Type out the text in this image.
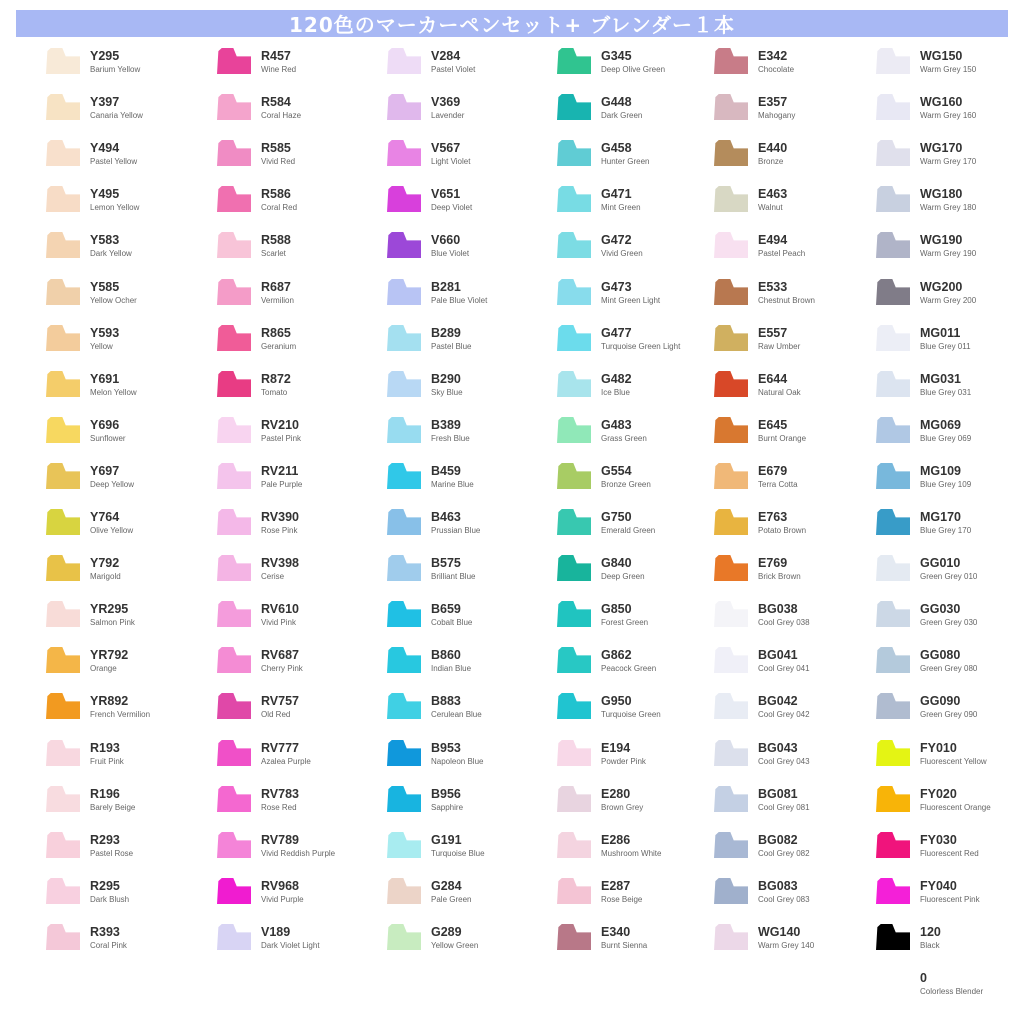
120色のマーカーペンセット+ ブレンダー１本
Y295
Barium Yellow
Y397
Canaria Yellow
Y494
Pastel Yellow
Y495
Lemon Yellow
Y583
Dark Yellow
Y585
Yellow Ocher
Y593
Yellow
Y691
Melon Yellow
Y696
Sunflower
Y697
Deep Yellow
Y764
Olive Yellow
Y792
Marigold
YR295
Salmon Pink
YR792
Orange
YR892
French Vermilion
R193
Fruit Pink
R196
Barely Beige
R293
Pastel Rose
R295
Dark Blush
R393
Coral Pink
R457
Wine Red
R584
Coral Haze
R585
Vivid Red
R586
Coral Red
R588
Scarlet
R687
Vermilion
R865
Geranium
R872
Tomato
RV210
Pastel Pink
RV211
Pale Purple
RV390
Rose Pink
RV398
Cerise
RV610
Vivid Pink
RV687
Cherry Pink
RV757
Old Red
RV777
Azalea Purple
RV783
Rose Red
RV789
Vivid Reddish Purple
RV968
Vivid Purple
V189
Dark Violet Light
V284
Pastel Violet
V369
Lavender
V567
Light Violet
V651
Deep Violet
V660
Blue Violet
B281
Pale Blue Violet
B289
Pastel Blue
B290
Sky Blue
B389
Fresh Blue
B459
Marine Blue
B463
Prussian Blue
B575
Brilliant Blue
B659
Cobalt Blue
B860
Indian Blue
B883
Cerulean Blue
B953
Napoleon Blue
B956
Sapphire
G191
Turquoise Blue
G284
Pale Green
G289
Yellow Green
G345
Deep Olive Green
G448
Dark Green
G458
Hunter Green
G471
Mint Green
G472
Vivid Green
G473
Mint Green Light
G477
Turquoise Green Light
G482
Ice Blue
G483
Grass Green
G554
Bronze Green
G750
Emerald Green
G840
Deep Green
G850
Forest Green
G862
Peacock Green
G950
Turquoise Green
E194
Powder Pink
E280
Brown Grey
E286
Mushroom White
E287
Rose Beige
E340
Burnt Sienna
E342
Chocolate
E357
Mahogany
E440
Bronze
E463
Walnut
E494
Pastel Peach
E533
Chestnut Brown
E557
Raw Umber
E644
Natural Oak
E645
Burnt Orange
E679
Terra Cotta
E763
Potato Brown
E769
Brick Brown
BG038
Cool Grey 038
BG041
Cool Grey 041
BG042
Cool Grey 042
BG043
Cool Grey 043
BG081
Cool Grey 081
BG082
Cool Grey 082
BG083
Cool Grey 083
WG140
Warm Grey 140
WG150
Warm Grey 150
WG160
Warm Grey 160
WG170
Warm Grey 170
WG180
Warm Grey 180
WG190
Warm Grey 190
WG200
Warm Grey 200
MG011
Blue Grey 011
MG031
Blue Grey 031
MG069
Blue Grey 069
MG109
Blue Grey 109
MG170
Blue Grey 170
GG010
Green Grey 010
GG030
Green Grey 030
GG080
Green Grey 080
GG090
Green Grey 090
FY010
Fluorescent Yellow
FY020
Fluorescent Orange
FY030
Fluorescent Red
FY040
Fluorescent Pink
120
Black
0
Colorless Blender
